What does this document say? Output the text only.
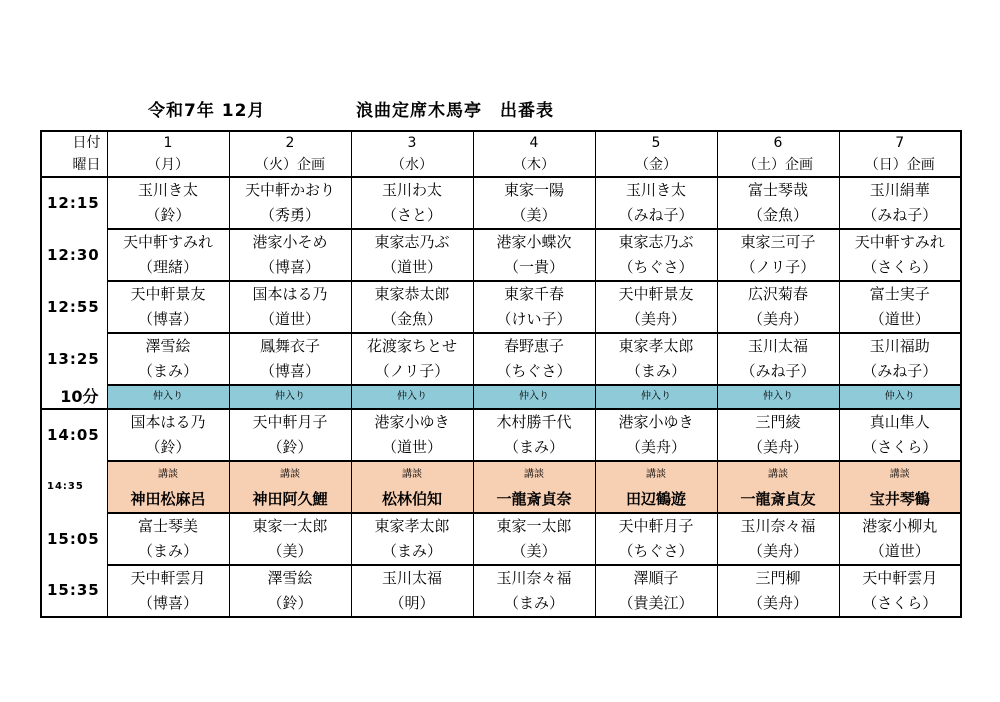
令和7年 12月	浪曲定席木馬亭　出番表
日付	1	2	3	4	5	6	7
曜日	（月）	（火）企画	（水）	（木）	（金）	（土）企画	（日）企画
12:15	玉川き太	天中軒かおり	玉川わ太	東家一陽	玉川き太	富士琴哉	玉川絹華
	（鈴）	（秀勇）	（さと）	（美）	（みね子）	（金魚）	（みね子）
12:30	天中軒すみれ	港家小そめ	東家志乃ぶ	港家小蝶次	東家志乃ぶ	東家三可子	天中軒すみれ
	（理緒）	（博喜）	（道世）	（一貴）	（ちぐさ）	（ノリ子）	（さくら）
12:55	天中軒景友	国本はる乃	東家恭太郎	東家千春	天中軒景友	広沢菊春	富士実子
	（博喜）	（道世）	（金魚）	（けい子）	（美舟）	（美舟）	（道世）
13:25	澤雪絵	鳳舞衣子	花渡家ちとせ	春野恵子	東家孝太郎	玉川太福	玉川福助
	（まみ）	（博喜）	（ノリ子）	（ちぐさ）	（まみ）	（みね子）	（みね子）
10分	仲入り	仲入り	仲入り	仲入り	仲入り	仲入り	仲入り
14:05	国本はる乃	天中軒月子	港家小ゆき	木村勝千代	港家小ゆき	三門綾	真山隼人
	（鈴）	（鈴）	（道世）	（まみ）	（美舟）	（美舟）	（さくら）
14:35	講談	講談	講談	講談	講談	講談	講談
	神田松麻呂	神田阿久鯉	松林伯知	一龍斎貞奈	田辺鶴遊	一龍斎貞友	宝井琴鶴
15:05	富士琴美	東家一太郎	東家孝太郎	東家一太郎	天中軒月子	玉川奈々福	港家小柳丸
	（まみ）	（美）	（まみ）	（美）	（ちぐさ）	（美舟）	（道世）
15:35	天中軒雲月	澤雪絵	玉川太福	玉川奈々福	澤順子	三門柳	天中軒雲月
	（博喜）	（鈴）	（明）	（まみ）	（貴美江）	（美舟）	（さくら）
